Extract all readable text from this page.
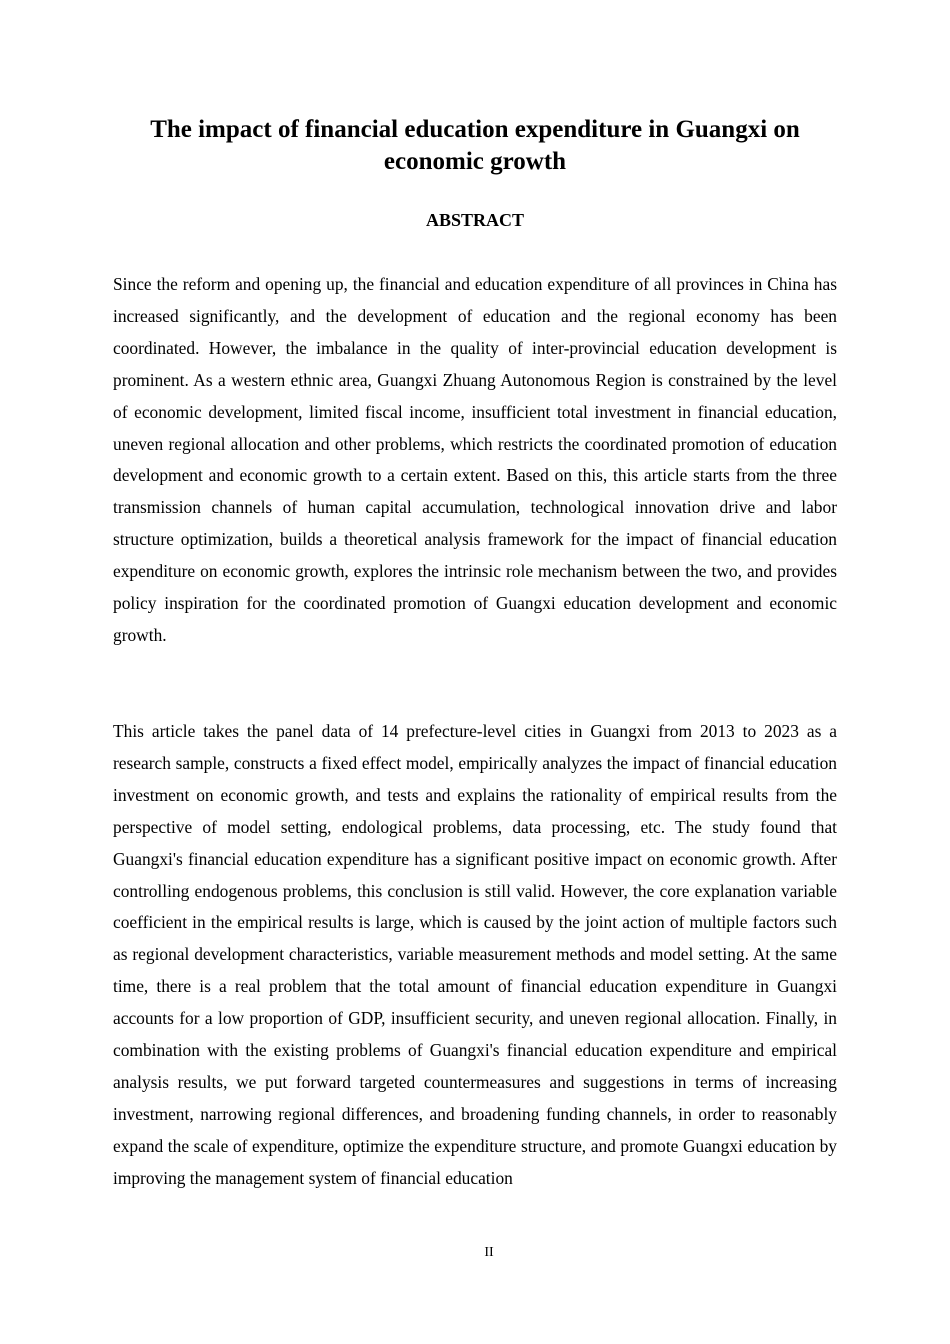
The impact of financial education expenditure in Guangxi on economic growth
ABSTRACT

Since the reform and opening up, the financial and education expenditure of all provinces in China has increased significantly, and the development of education and the regional economy has been coordinated. However, the imbalance in the quality of inter-provincial education development is prominent. As a western ethnic area, Guangxi Zhuang Autonomous Region is constrained by the level of economic development, limited fiscal income, insufficient total investment in financial education, uneven regional allocation and other problems, which restricts the coordinated promotion of education development and economic growth to a certain extent. Based on this, this article starts from the three transmission channels of human capital accumulation, technological innovation drive and labor structure optimization, builds a theoretical analysis framework for the impact of financial education expenditure on economic growth, explores the intrinsic role mechanism between the two, and provides policy inspiration for the coordinated promotion of Guangxi education development and economic growth.

This article takes the panel data of 14 prefecture-level cities in Guangxi from 2013 to 2023 as a research sample, constructs a fixed effect model, empirically analyzes the impact of financial education investment on economic growth, and tests and explains the rationality of empirical results from the perspective of model setting, endological problems, data processing, etc. The study found that Guangxi's financial education expenditure has a significant positive impact on economic growth. After controlling endogenous problems, this conclusion is still valid. However, the core explanation variable coefficient in the empirical results is large, which is caused by the joint action of multiple factors such as regional development characteristics, variable measurement methods and model setting. At the same time, there is a real problem that the total amount of financial education expenditure in Guangxi accounts for a low proportion of GDP, insufficient security, and uneven regional allocation. Finally, in combination with the existing problems of Guangxi's financial education expenditure and empirical analysis results, we put forward targeted countermeasures and suggestions in terms of increasing investment, narrowing regional differences, and broadening funding channels, in order to reasonably expand the scale of expenditure, optimize the expenditure structure, and promote Guangxi education by improving the management system of financial education

II
